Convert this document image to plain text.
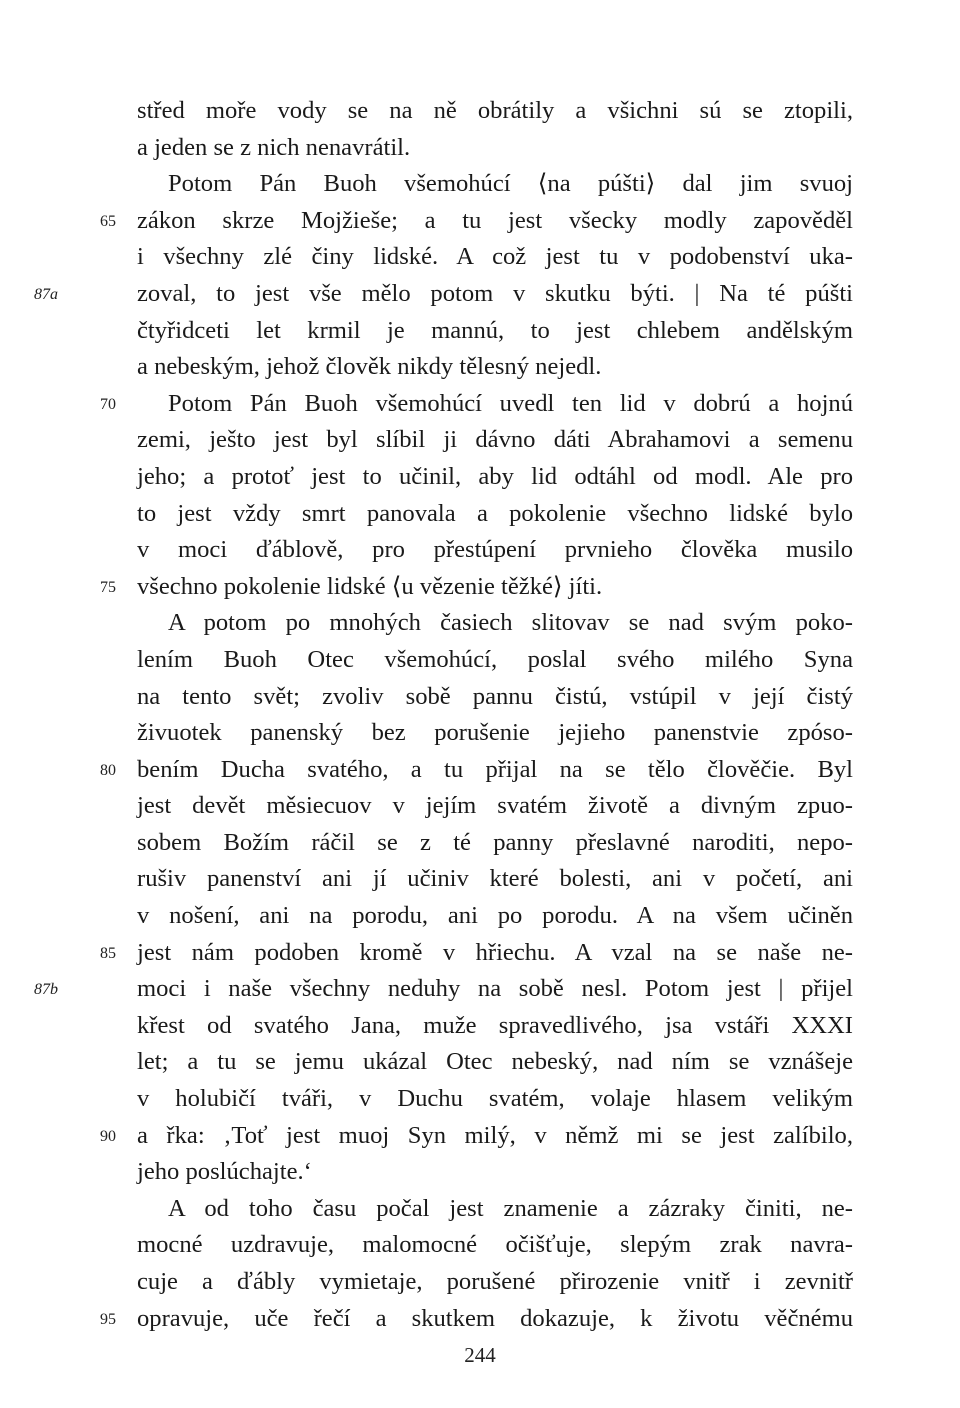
střed moře vody se na ně obrátily a všichni sú se ztopili,
a jeden se z nich nenavrátil.
Potom Pán Buoh všemohúcí ⟨na púšti⟩ dal jim svuoj
zákon skrze Mojžieše; a tu jest všecky modly zapověděl
i všechny zlé činy lidské. A což jest tu v podobenství uka-
zoval, to jest vše mělo potom v skutku býti. | Na té púšti
čtyřidceti let krmil je mannú, to jest chlebem andělským
a nebeským, jehož člověk nikdy tělesný nejedl.
Potom Pán Buoh všemohúcí uvedl ten lid v dobrú a hojnú
zemi, ješto jest byl slíbil ji dávno dáti Abrahamovi a semenu
jeho; a protoť jest to učinil, aby lid odtáhl od modl. Ale pro
to jest vždy smrt panovala a pokolenie všechno lidské bylo
v moci ďáblově, pro přestúpení prvnieho člověka musilo
všechno pokolenie lidské ⟨u vězenie těžké⟩ jíti.
A potom po mnohých časiech slitovav se nad svým poko-
lením Buoh Otec všemohúcí, poslal svého milého Syna
na tento svět; zvoliv sobě pannu čistú, vstúpil v její čistý
živuotek panenský bez porušenie jejieho panenstvie zpóso-
bením Ducha svatého, a tu přijal na se tělo člověčie. Byl
jest devět měsiecuov v jejím svatém životě a divným zpuo-
sobem Božím ráčil se z té panny přeslavné naroditi, nepo-
rušiv panenství ani jí učiniv které bolesti, ani v početí, ani
v nošení, ani na porodu, ani po porodu. A na všem učiněn
jest nám podoben kromě v hřiechu. A vzal na se naše ne-
moci i naše všechny neduhy na sobě nesl. Potom jest | přijel
křest od svatého Jana, muže spravedlivého, jsa vstáři XXXI
let; a tu se jemu ukázal Otec nebeský, nad ním se vznášeje
v holubičí tváři, v Duchu svatém, volaje hlasem velikým
a řka: ‚Toť jest muoj Syn milý, v němž mi se jest zalíbilo,
jeho poslúchajte.‘
A od toho času počal jest znamenie a zázraky činiti, ne-
mocné uzdravuje, malomocné očišťuje, slepým zrak navra-
cuje a ďábly vymietaje, porušené přirozenie vnitř i zevnitř
opravuje, uče řečí a skutkem dokazuje, k životu věčnému
65
70
75
80
85
90
95
87a
87b
244
